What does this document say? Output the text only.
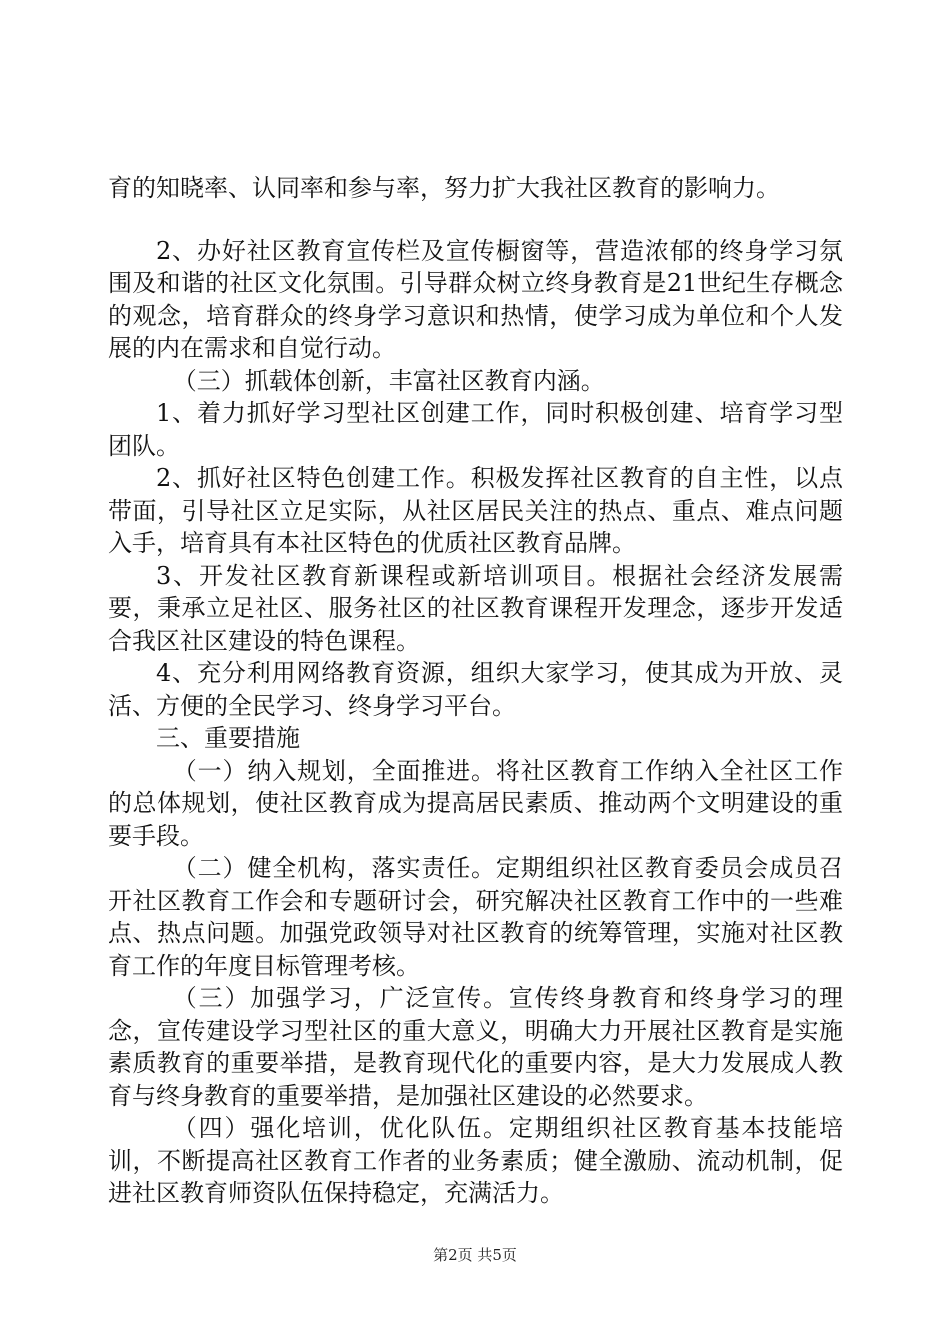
育的知晓率、认同率和参与率，努力扩大我社区教育的影响力。

2、办好社区教育宣传栏及宣传橱窗等，营造浓郁的终身学习氛围及和谐的社区文化氛围。引导群众树立终身教育是21世纪生存概念的观念，培育群众的终身学习意识和热情，使学习成为单位和个人发展的内在需求和自觉行动。

（三）抓载体创新，丰富社区教育内涵。

1、着力抓好学习型社区创建工作，同时积极创建、培育学习型团队。

2、抓好社区特色创建工作。积极发挥社区教育的自主性，以点带面，引导社区立足实际，从社区居民关注的热点、重点、难点问题入手，培育具有本社区特色的优质社区教育品牌。

3、开发社区教育新课程或新培训项目。根据社会经济发展需要，秉承立足社区、服务社区的社区教育课程开发理念，逐步开发适合我区社区建设的特色课程。

4、充分利用网络教育资源，组织大家学习，使其成为开放、灵活、方便的全民学习、终身学习平台。

三、重要措施

（一）纳入规划，全面推进。将社区教育工作纳入全社区工作的总体规划，使社区教育成为提高居民素质、推动两个文明建设的重要手段。

（二）健全机构，落实责任。定期组织社区教育委员会成员召开社区教育工作会和专题研讨会，研究解决社区教育工作中的一些难点、热点问题。加强党政领导对社区教育的统筹管理，实施对社区教育工作的年度目标管理考核。

（三）加强学习，广泛宣传。宣传终身教育和终身学习的理念，宣传建设学习型社区的重大意义，明确大力开展社区教育是实施素质教育的重要举措，是教育现代化的重要内容，是大力发展成人教育与终身教育的重要举措，是加强社区建设的必然要求。

（四）强化培训，优化队伍。定期组织社区教育基本技能培训，不断提高社区教育工作者的业务素质；健全激励、流动机制，促进社区教育师资队伍保持稳定，充满活力。

第2页 共5页
